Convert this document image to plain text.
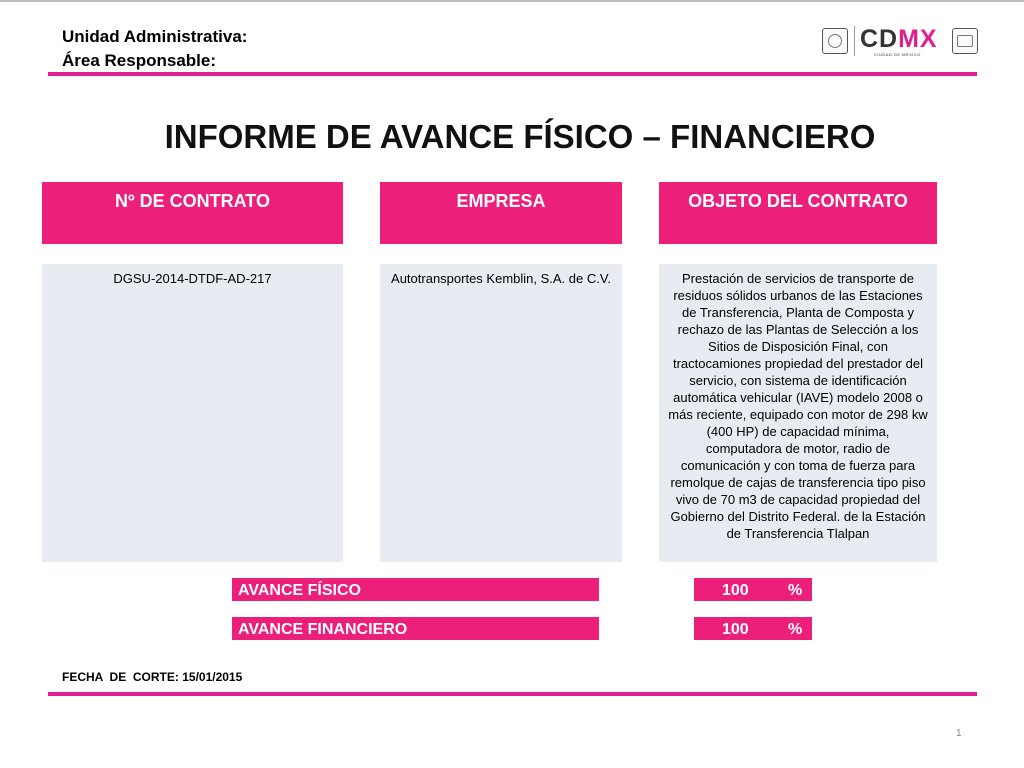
Unidad Administrativa:
Área Responsable:
CDMX
CIUDAD DE MÉXICO
INFORME DE AVANCE FÍSICO – FINANCIERO
Nº DE CONTRATO	EMPRESA	OBJETO DEL CONTRATO
DGSU-2014-DTDF-AD-217	Autotransportes Kemblin, S.A. de C.V.	Prestación de servicios de transporte de residuos sólidos urbanos de las Estaciones de Transferencia, Planta de Composta y rechazo de las Plantas de Selección a los Sitios de Disposición Final, con tractocamiones propiedad del prestador del servicio, con sistema de identificación automática vehicular (IAVE) modelo 2008 o más reciente, equipado con motor de 298 kw (400 HP) de capacidad mínima, computadora de motor, radio de comunicación y con toma de fuerza para remolque de cajas de transferencia tipo piso vivo de 70 m3 de capacidad propiedad del Gobierno del Distrito Federal. de la Estación de Transferencia Tlalpan
AVANCE FÍSICO	100 %
AVANCE FINANCIERO	100 %
FECHA  DE  CORTE: 15/01/2015
1
